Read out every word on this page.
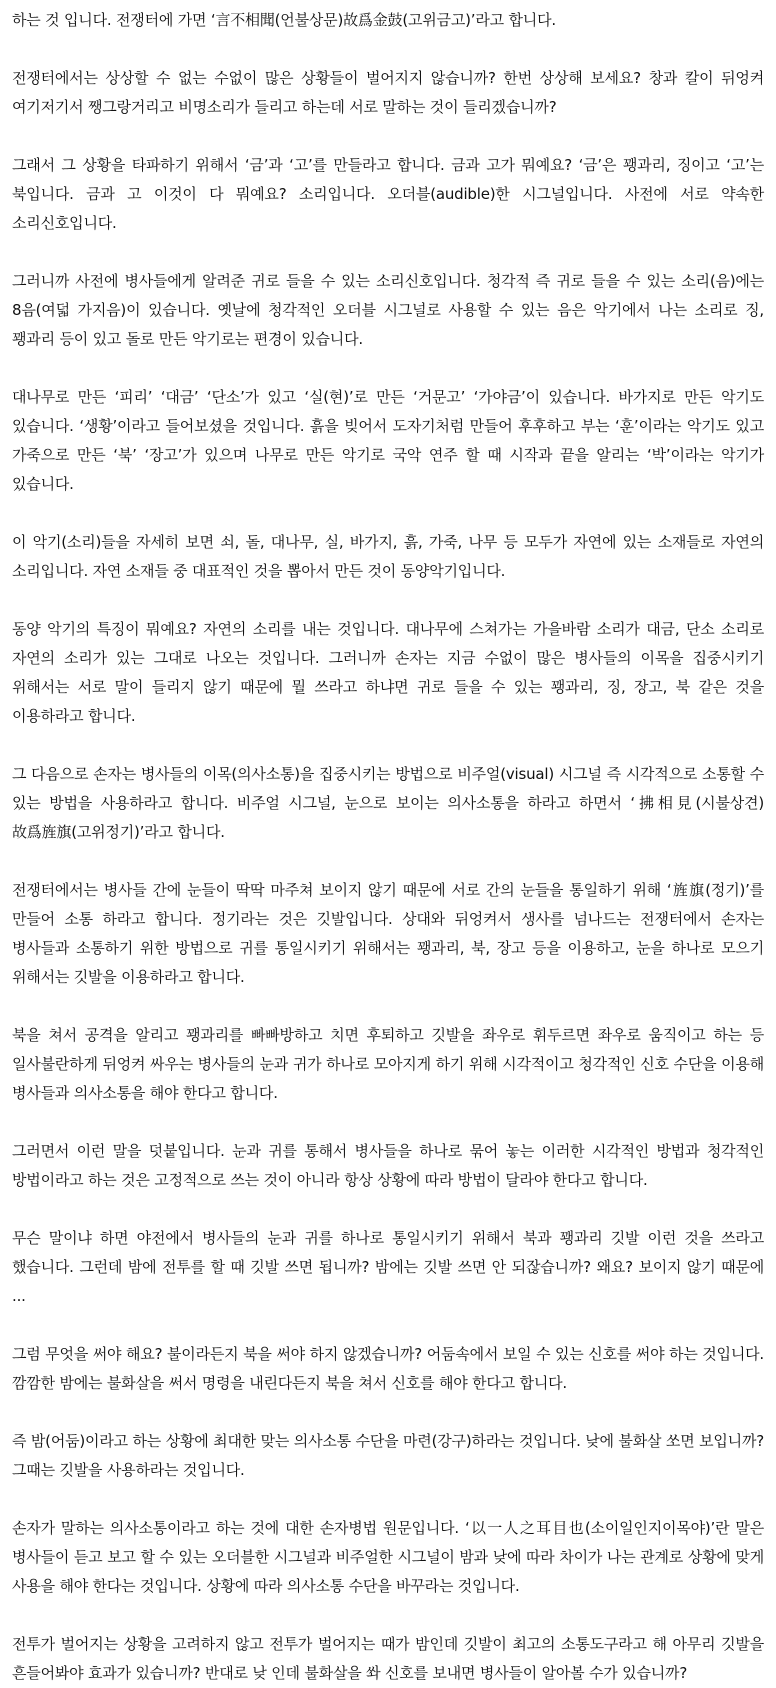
하는 것 입니다. 전쟁터에 가면 ‘言不相聞(언불상문)故爲金鼓(고위금고)’라고 합니다.

전쟁터에서는 상상할 수 없는 수없이 많은 상황들이 벌어지지 않습니까? 한번 상상해 보세요? 창과 칼이 뒤엉켜 여기저기서 쨍그랑거리고 비명소리가 들리고 하는데 서로 말하는 것이 들리겠습니까?

그래서 그 상황을 타파하기 위해서 ‘금’과 ‘고’를 만들라고 합니다. 금과 고가 뭐예요? ‘금’은 꽹과리, 징이고 ‘고’는 북입니다. 금과 고 이것이 다 뭐예요? 소리입니다. 오더블(audible)한 시그널입니다. 사전에 서로 약속한 소리신호입니다.

그러니까 사전에 병사들에게 알려준 귀로 들을 수 있는 소리신호입니다. 청각적 즉 귀로 들을 수 있는 소리(음)에는 8음(여덟 가지음)이 있습니다. 옛날에 청각적인 오더블 시그널로 사용할 수 있는 음은 악기에서 나는 소리로 징, 꽹과리 등이 있고 돌로 만든 악기로는 편경이 있습니다.

대나무로 만든 ‘피리’ ‘대금’ ‘단소’가 있고 ‘실(현)’로 만든 ‘거문고’ ‘가야금’이 있습니다. 바가지로 만든 악기도 있습니다. ‘생황’이라고 들어보셨을 것입니다. 흙을 빚어서 도자기처럼 만들어 후후하고 부는 ‘훈’이라는 악기도 있고 가죽으로 만든 ‘북’ ‘장고’가 있으며 나무로 만든 악기로 국악 연주 할 때 시작과 끝을 알리는 ‘박’이라는 악기가 있습니다.

이 악기(소리)들을 자세히 보면 쇠, 돌, 대나무, 실, 바가지, 흙, 가죽, 나무 등 모두가 자연에 있는 소재들로 자연의 소리입니다. 자연 소재들 중 대표적인 것을 뽑아서 만든 것이 동양악기입니다.

동양 악기의 특징이 뭐예요? 자연의 소리를 내는 것입니다. 대나무에 스쳐가는 가을바람 소리가 대금, 단소 소리로 자연의 소리가 있는 그대로 나오는 것입니다. 그러니까 손자는 지금 수없이 많은 병사들의 이목을 집중시키기 위해서는 서로 말이 들리지 않기 때문에 뭘 쓰라고 하냐면 귀로 들을 수 있는 꽹과리, 징, 장고, 북 같은 것을 이용하라고 합니다.

그 다음으로 손자는 병사들의 이목(의사소통)을 집중시키는 방법으로 비주얼(visual) 시그널 즉 시각적으로 소통할 수 있는 방법을 사용하라고 합니다. 비주얼 시그널, 눈으로 보이는 의사소통을 하라고 하면서 ‘拂相見(시불상견) 故爲旌旗(고위정기)’라고 합니다.

전쟁터에서는 병사들 간에 눈들이 딱딱 마주쳐 보이지 않기 때문에 서로 간의 눈들을 통일하기 위해 ‘旌旗(정기)’를 만들어 소통 하라고 합니다. 정기라는 것은 깃발입니다. 상대와 뒤엉켜서 생사를 넘나드는 전쟁터에서 손자는 병사들과 소통하기 위한 방법으로 귀를 통일시키기 위해서는 꽹과리, 북, 장고 등을 이용하고, 눈을 하나로 모으기 위해서는 깃발을 이용하라고 합니다.

북을 쳐서 공격을 알리고 꽹과리를 빠빠방하고 치면 후퇴하고 깃발을 좌우로 휘두르면 좌우로 움직이고 하는 등 일사불란하게 뒤엉켜 싸우는 병사들의 눈과 귀가 하나로 모아지게 하기 위해 시각적이고 청각적인 신호 수단을 이용해 병사들과 의사소통을 해야 한다고 합니다.

그러면서 이런 말을 덧붙입니다. 눈과 귀를 통해서 병사들을 하나로 묶어 놓는 이러한 시각적인 방법과 청각적인 방법이라고 하는 것은 고정적으로 쓰는 것이 아니라 항상 상황에 따라 방법이 달라야 한다고 합니다.

무슨 말이냐 하면 야전에서 병사들의 눈과 귀를 하나로 통일시키기 위해서 북과 꽹과리 깃발 이런 것을 쓰라고 했습니다. 그런데 밤에 전투를 할 때 깃발 쓰면 됩니까? 밤에는 깃발 쓰면 안 되잖습니까? 왜요? 보이지 않기 때문에 ...

그럼 무엇을 써야 해요? 불이라든지 북을 써야 하지 않겠습니까? 어둠속에서 보일 수 있는 신호를 써야 하는 것입니다. 깜깜한 밤에는 불화살을 써서 명령을 내린다든지 북을 쳐서 신호를 해야 한다고 합니다.

즉 밤(어둠)이라고 하는 상황에 최대한 맞는 의사소통 수단을 마련(강구)하라는 것입니다. 낮에 불화살 쏘면 보입니까? 그때는 깃발을 사용하라는 것입니다.

손자가 말하는 의사소통이라고 하는 것에 대한 손자병법 원문입니다. ‘以一人之耳目也(소이일인지이목야)’란 말은 병사들이 듣고 보고 할 수 있는 오더블한 시그널과 비주얼한 시그널이 밤과 낮에 따라 차이가 나는 관계로 상황에 맞게 사용을 해야 한다는 것입니다. 상황에 따라 의사소통 수단을 바꾸라는 것입니다.

전투가 벌어지는 상황을 고려하지 않고 전투가 벌어지는 때가 밤인데 깃발이 최고의 소통도구라고 해 아무리 깃발을 흔들어봐야 효과가 있습니까? 반대로 낮 인데 불화살을 쏴 신호를 보내면 병사들이 알아볼 수가 있습니까?
